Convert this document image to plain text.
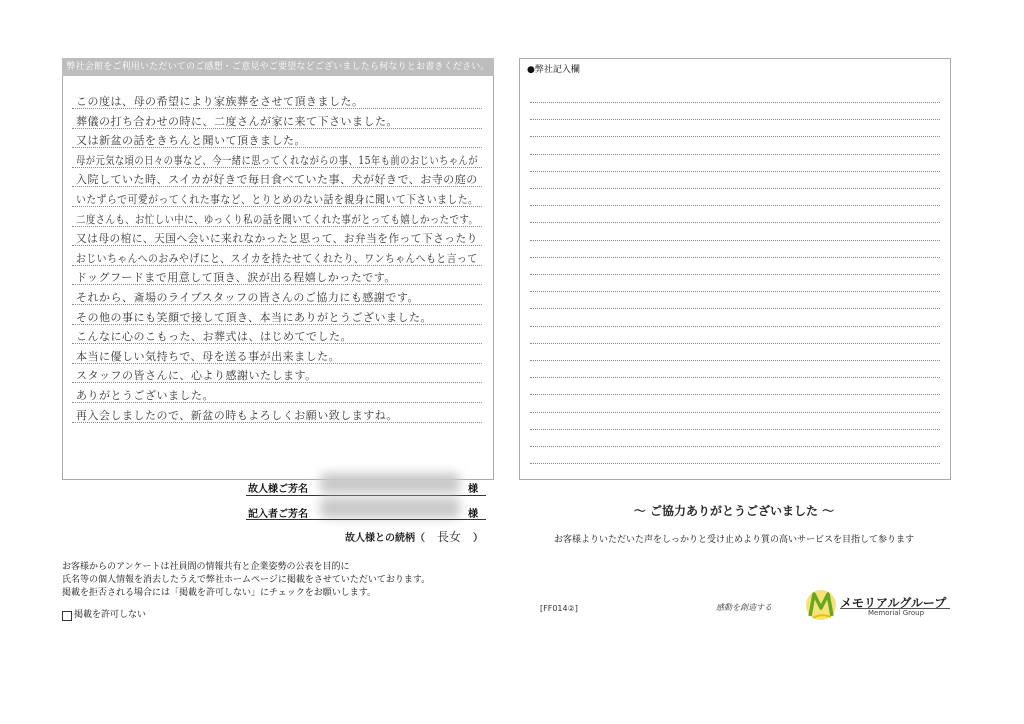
弊社会館をご利用いただいてのご感想・ご意見やご要望などございましたら何なりとお書きください。
この度は、母の希望により家族葬をさせて頂きました。
葬儀の打ち合わせの時に、二度さんが家に来て下さいました。
又は新盆の話をきちんと聞いて頂きました。
母が元気な頃の日々の事など、今一緒に思ってくれながらの事、15年も前のおじいちゃんが
入院していた時、スイカが好きで毎日食べていた事、犬が好きで、お寺の庭の
いたずらで可愛がってくれた事など、とりとめのない話を親身に聞いて下さいました。
二度さんも、お忙しい中に、ゆっくり私の話を聞いてくれた事がとっても嬉しかったです。
又は母の棺に、天国へ会いに来れなかったと思って、お弁当を作って下さったり
おじいちゃんへのおみやげにと、スイカを持たせてくれたり、ワンちゃんへもと言って
ドッグフードまで用意して頂き、涙が出る程嬉しかったです。
それから、斎場のライブスタッフの皆さんのご協力にも感謝です。
その他の事にも笑顔で接して頂き、本当にありがとうございました。
こんなに心のこもった、お葬式は、はじめてでした。
本当に優しい気持ちで、母を送る事が出来ました。
スタッフの皆さんに、心より感謝いたします。
ありがとうございました。
再入会しましたので、新盆の時もよろしくお願い致しますね。
故人様ご芳名	様
記入者ご芳名	様
故人様との続柄（ 長女 ）
お客様からのアンケートは社員間の情報共有と企業姿勢の公表を目的に
氏名等の個人情報を消去したうえで弊社ホームページに掲載をさせていただいております。
掲載を拒否される場合には「掲載を許可しない」にチェックをお願いします。
掲載を許可しない
●弊社記入欄
～ ご協力ありがとうございました ～
お客様よりいただいた声をしっかりと受け止めより質の高いサービスを目指して参ります
[FF014②]	感動を創造する	メモリアルグループ
Memorial Group
